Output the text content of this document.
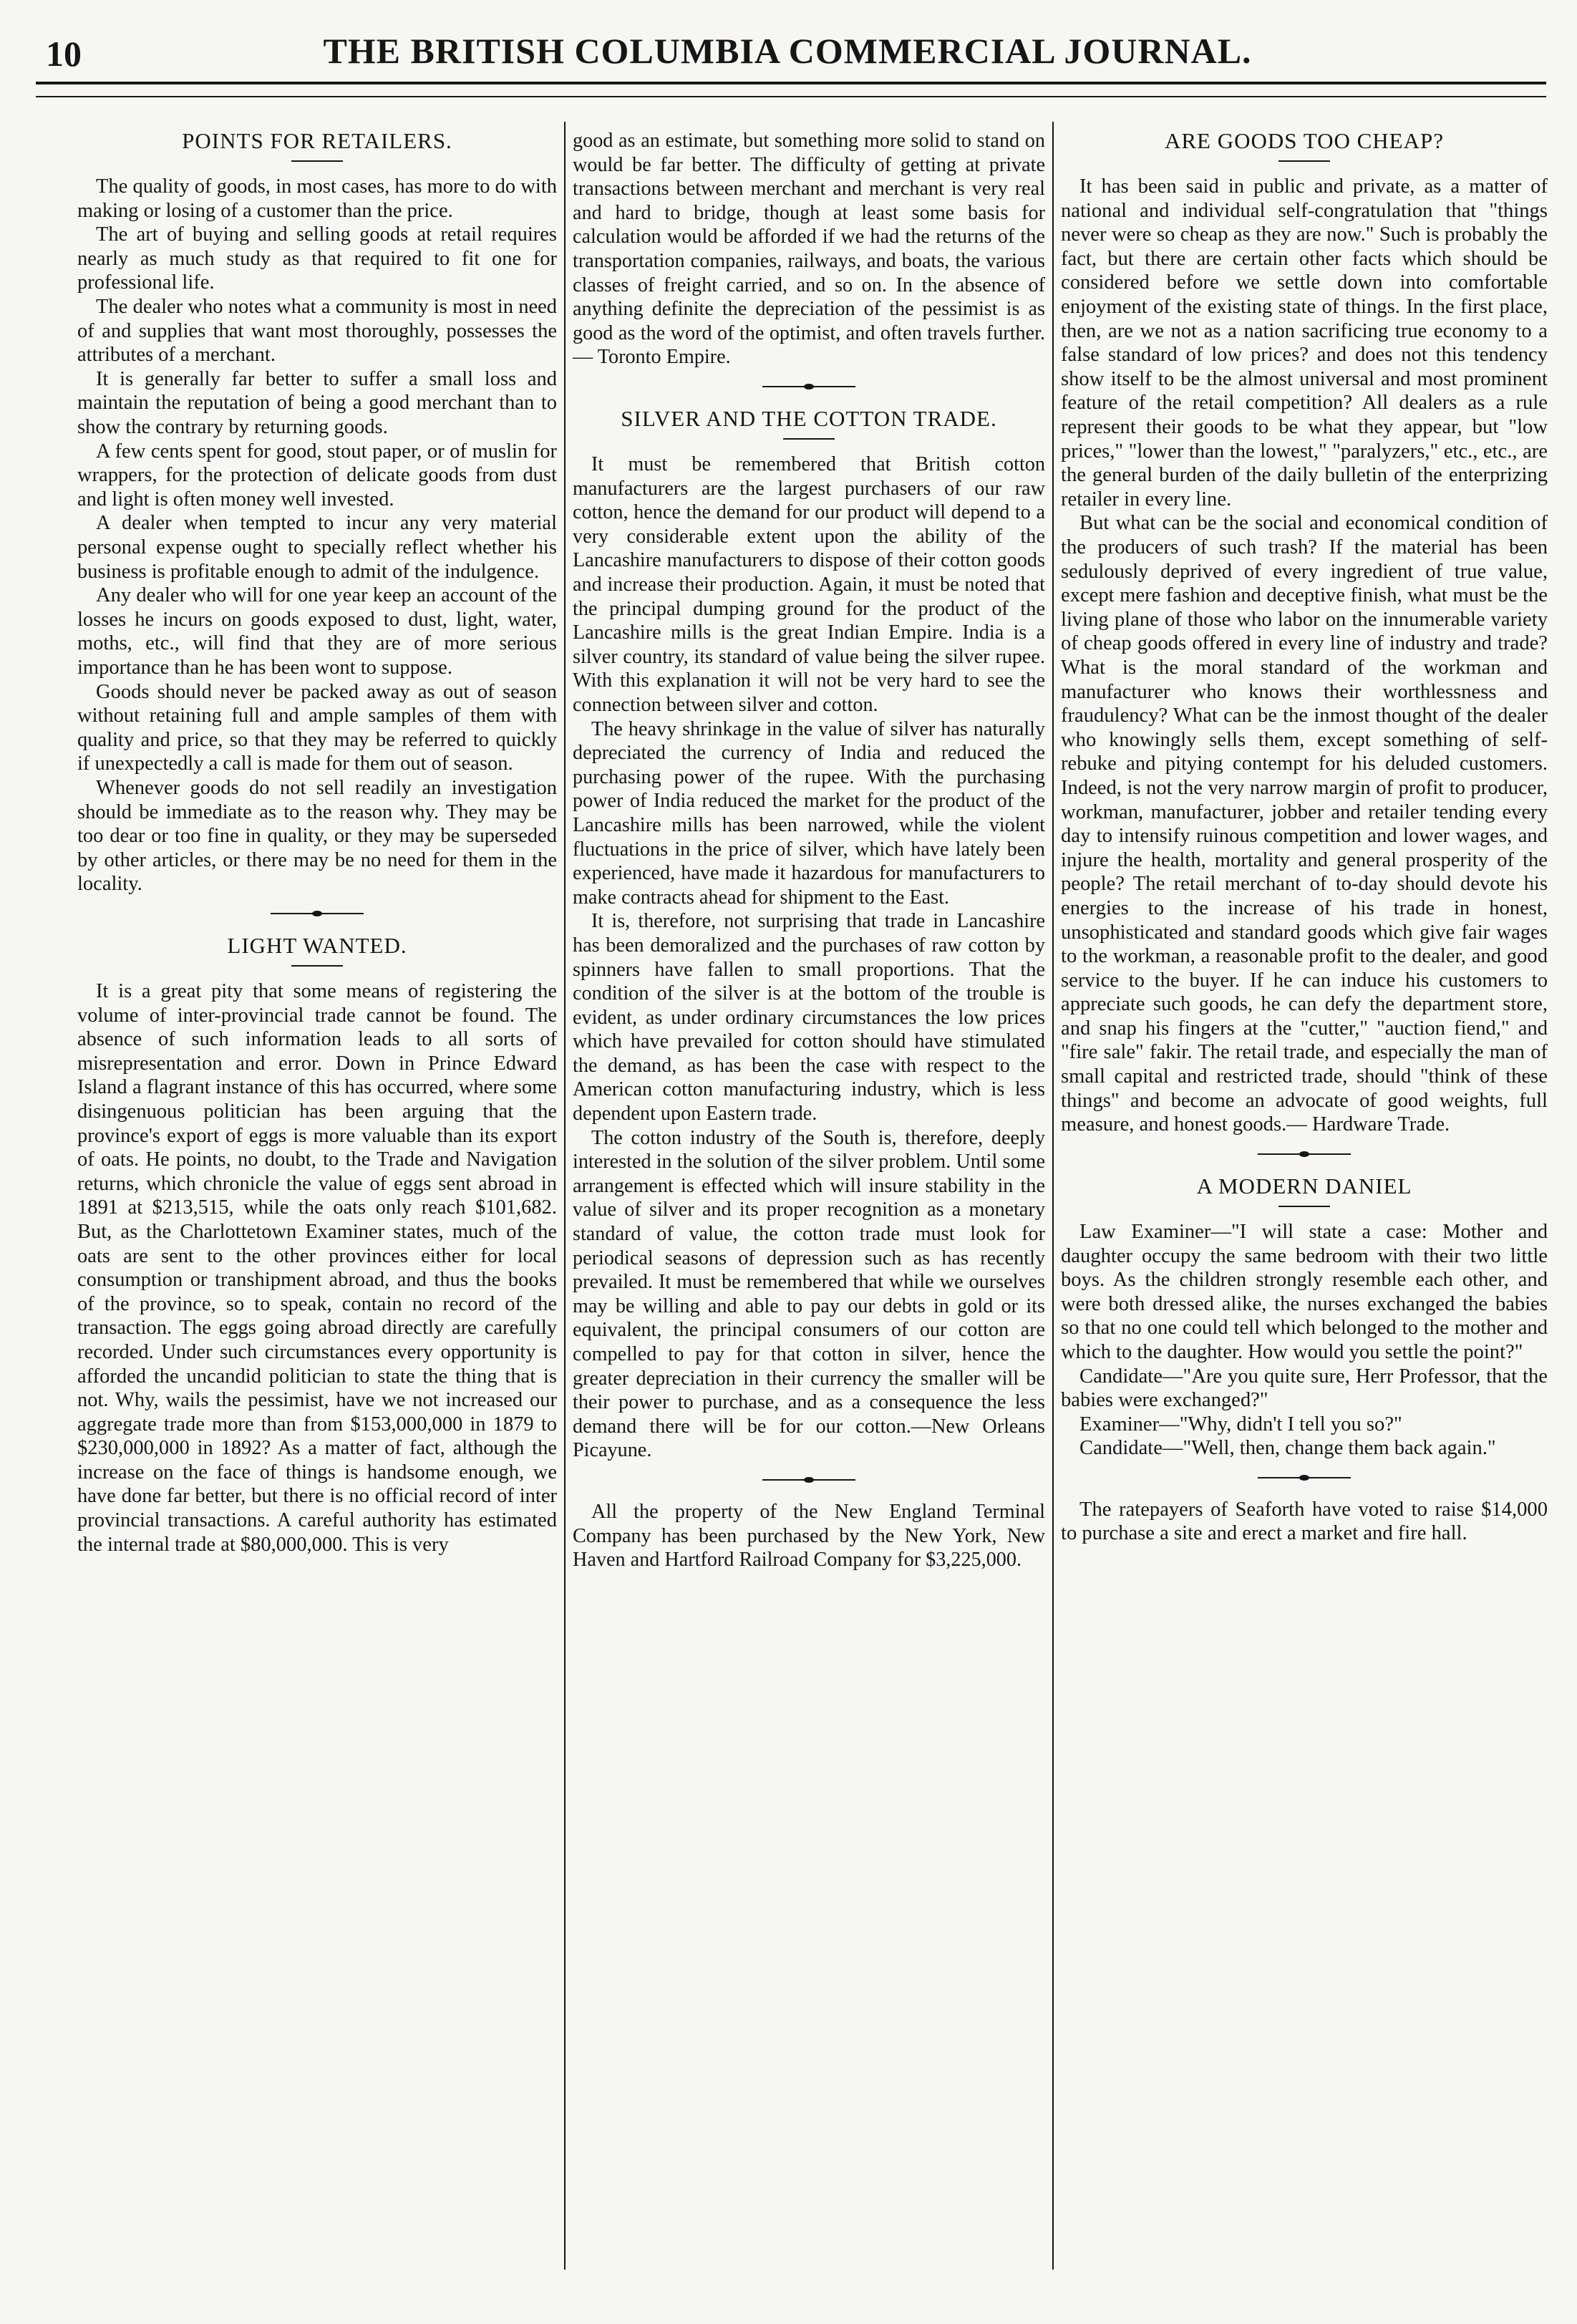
10	THE BRITISH COLUMBIA COMMERCIAL JOURNAL.
POINTS FOR RETAILERS.

The quality of goods, in most cases, has more to do with making or losing of a customer than the price.

The art of buying and selling goods at retail requires nearly as much study as that required to fit one for professional life.

The dealer who notes what a community is most in need of and supplies that want most thoroughly, possesses the attributes of a merchant.

It is generally far better to suffer a small loss and maintain the reputation of being a good merchant than to show the contrary by returning goods.

A few cents spent for good, stout paper, or of muslin for wrappers, for the protection of delicate goods from dust and light is often money well invested.

A dealer when tempted to incur any very material personal expense ought to specially reflect whether his business is profitable enough to admit of the indulgence.

Any dealer who will for one year keep an account of the losses he incurs on goods exposed to dust, light, water, moths, etc., will find that they are of more serious importance than he has been wont to suppose.

Goods should never be packed away as out of season without retaining full and ample samples of them with quality and price, so that they may be referred to quickly if unexpectedly a call is made for them out of season.

Whenever goods do not sell readily an investigation should be immediate as to the reason why. They may be too dear or too fine in quality, or they may be superseded by other articles, or there may be no need for them in the locality.

LIGHT WANTED.

It is a great pity that some means of registering the volume of inter-provincial trade cannot be found. The absence of such information leads to all sorts of misrepresentation and error. Down in Prince Edward Island a flagrant instance of this has occurred, where some disingenuous politician has been arguing that the province's export of eggs is more valuable than its export of oats. He points, no doubt, to the Trade and Navigation returns, which chronicle the value of eggs sent abroad in 1891 at $213,515, while the oats only reach $101,682. But, as the Charlottetown Examiner states, much of the oats are sent to the other provinces either for local consumption or transhipment abroad, and thus the books of the province, so to speak, contain no record of the transaction. The eggs going abroad directly are carefully recorded. Under such circumstances every opportunity is afforded the uncandid politician to state the thing that is not. Why, wails the pessimist, have we not increased our aggregate trade more than from $153,000,000 in 1879 to $230,000,000 in 1892? As a matter of fact, although the increase on the face of things is handsome enough, we have done far better, but there is no official record of inter provincial transactions. A careful authority has estimated the internal trade at $80,000,000. This is very

good as an estimate, but something more solid to stand on would be far better. The difficulty of getting at private transactions between merchant and merchant is very real and hard to bridge, though at least some basis for calculation would be afforded if we had the returns of the transportation companies, railways, and boats, the various classes of freight carried, and so on. In the absence of anything definite the depreciation of the pessimist is as good as the word of the optimist, and often travels further.— Toronto Empire.

SILVER AND THE COTTON TRADE.

It must be remembered that British cotton manufacturers are the largest purchasers of our raw cotton, hence the demand for our product will depend to a very considerable extent upon the ability of the Lancashire manufacturers to dispose of their cotton goods and increase their production. Again, it must be noted that the principal dumping ground for the product of the Lancashire mills is the great Indian Empire. India is a silver country, its standard of value being the silver rupee. With this explanation it will not be very hard to see the connection between silver and cotton.

The heavy shrinkage in the value of silver has naturally depreciated the currency of India and reduced the purchasing power of the rupee. With the purchasing power of India reduced the market for the product of the Lancashire mills has been narrowed, while the violent fluctuations in the price of silver, which have lately been experienced, have made it hazardous for manufacturers to make contracts ahead for shipment to the East.

It is, therefore, not surprising that trade in Lancashire has been demoralized and the purchases of raw cotton by spinners have fallen to small proportions. That the condition of the silver is at the bottom of the trouble is evident, as under ordinary circumstances the low prices which have prevailed for cotton should have stimulated the demand, as has been the case with respect to the American cotton manufacturing industry, which is less dependent upon Eastern trade.

The cotton industry of the South is, therefore, deeply interested in the solution of the silver problem. Until some arrangement is effected which will insure stability in the value of silver and its proper recognition as a monetary standard of value, the cotton trade must look for periodical seasons of depression such as has recently prevailed. It must be remembered that while we ourselves may be willing and able to pay our debts in gold or its equivalent, the principal consumers of our cotton are compelled to pay for that cotton in silver, hence the greater depreciation in their currency the smaller will be their power to purchase, and as a consequence the less demand there will be for our cotton.—New Orleans Picayune.

All the property of the New England Terminal Company has been purchased by the New York, New Haven and Hartford Railroad Company for $3,225,000.

ARE GOODS TOO CHEAP?

It has been said in public and private, as a matter of national and individual self-congratulation that "things never were so cheap as they are now." Such is probably the fact, but there are certain other facts which should be considered before we settle down into comfortable enjoyment of the existing state of things. In the first place, then, are we not as a nation sacrificing true economy to a false standard of low prices? and does not this tendency show itself to be the almost universal and most prominent feature of the retail competition? All dealers as a rule represent their goods to be what they appear, but "low prices," "lower than the lowest," "paralyzers," etc., etc., are the general burden of the daily bulletin of the enterprizing retailer in every line.

But what can be the social and economical condition of the producers of such trash? If the material has been sedulously deprived of every ingredient of true value, except mere fashion and deceptive finish, what must be the living plane of those who labor on the innumerable variety of cheap goods offered in every line of industry and trade? What is the moral standard of the workman and manufacturer who knows their worthlessness and fraudulency? What can be the inmost thought of the dealer who knowingly sells them, except something of self-rebuke and pitying contempt for his deluded customers. Indeed, is not the very narrow margin of profit to producer, workman, manufacturer, jobber and retailer tending every day to intensify ruinous competition and lower wages, and injure the health, mortality and general prosperity of the people? The retail merchant of to-day should devote his energies to the increase of his trade in honest, unsophisticated and standard goods which give fair wages to the workman, a reasonable profit to the dealer, and good service to the buyer. If he can induce his customers to appreciate such goods, he can defy the department store, and snap his fingers at the "cutter," "auction fiend," and "fire sale" fakir. The retail trade, and especially the man of small capital and restricted trade, should "think of these things" and become an advocate of good weights, full measure, and honest goods.— Hardware Trade.

A MODERN DANIEL

Law Examiner—"I will state a case: Mother and daughter occupy the same bedroom with their two little boys. As the children strongly resemble each other, and were both dressed alike, the nurses exchanged the babies so that no one could tell which belonged to the mother and which to the daughter. How would you settle the point?"

Candidate—"Are you quite sure, Herr Professor, that the babies were exchanged?"

Examiner—"Why, didn't I tell you so?"

Candidate—"Well, then, change them back again."

The ratepayers of Seaforth have voted to raise $14,000 to purchase a site and erect a market and fire hall.
